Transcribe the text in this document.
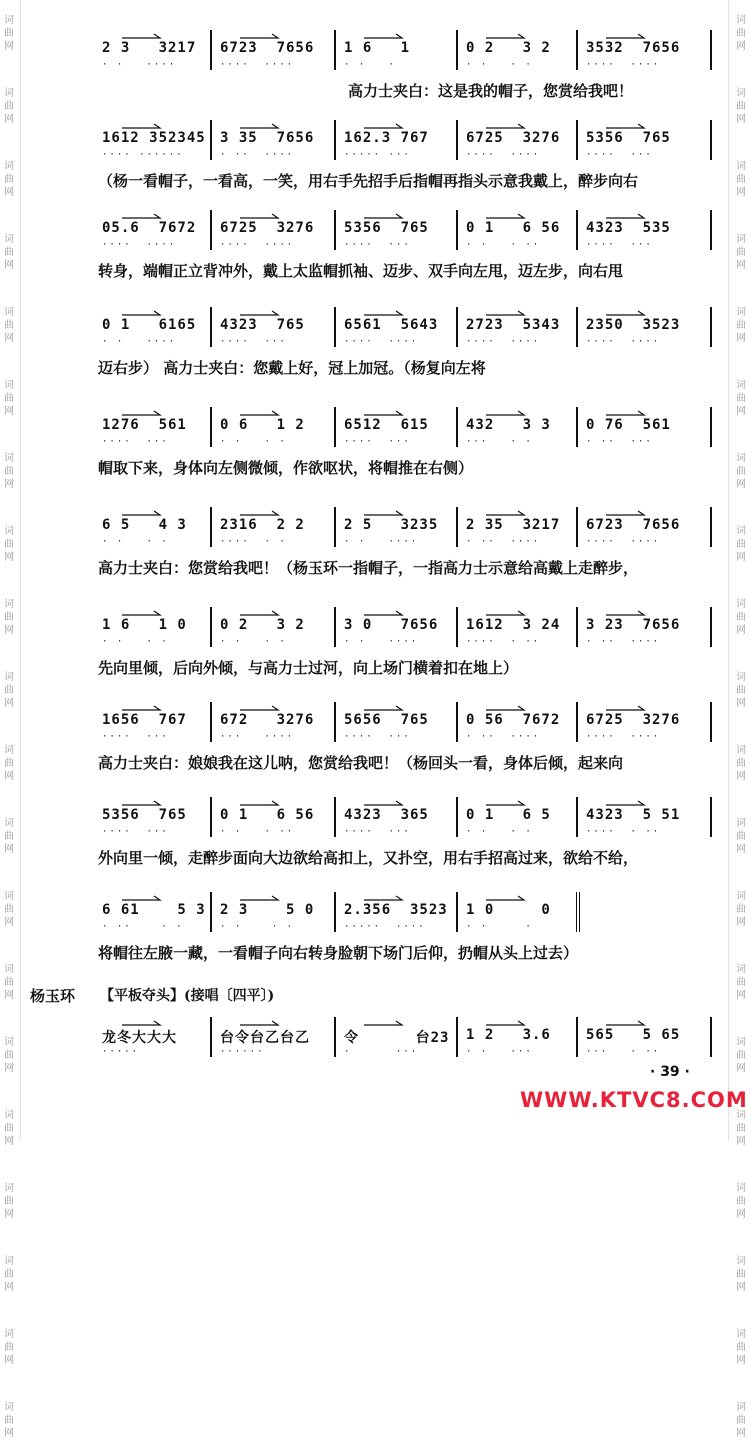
词
曲
网
词
曲
网
词
曲
网
词
曲
网
词
曲
网
词
曲
网
词
曲
网
词
曲
网
词
曲
网
词
曲
网
词
曲
网
词
曲
网
词
曲
网
词
曲
网
词
曲
网
词
曲
网
词
曲
网
词
曲
网
词
曲
网
词
曲
网
词
曲
网
词
曲
网
词
曲
网
词
曲
网
词
曲
网
词
曲
网
词
曲
网
词
曲
网
词
曲
网
词
曲
网
词
曲
网
词
曲
网
词
曲
网
词
曲
网
词
曲
网
词
曲
网
词
曲
网
词
曲
网
词
曲
网
词
曲
网
2 3   3217
· ·   ····
6723  7656
····  ····
1 6   1
· ·   ·
0 2   3 2
· ·   · ·
3532  7656
····  ····
高力士夹白：这是我的帽子，您赏给我吧！
1612 352345
···· ······
3 35  7656
· ··  ····
162.3 767
····· ···
6725  3276
····  ····
5356  765
····  ···
（杨一看帽子，一看高，一笑，用右手先招手后指帽再指头示意我戴上，醉步向右
05.6  7672
····  ····
6725  3276
····  ····
5356  765
····  ···
0 1   6 56
· ·   · ··
4323  535
····  ···
转身，端帽正立背冲外，戴上太监帽抓袖、迈步、双手向左甩，迈左步，向右甩
0 1   6165
· ·   ····
4323  765
····  ···
6561  5643
····  ····
2723  5343
····  ····
2350  3523
····  ····
迈右步） 高力士夹白：您戴上好，冠上加冠。（杨复向左将
1276  561
····  ···
0 6   1 2
· ·   · ·
6512  615
····  ···
432   3 3
···   · ·
0 76  561
· ··  ···
帽取下来，身体向左侧微倾，作欲呕状，将帽推在右侧）
6 5   4 3
· ·   · ·
2316  2 2
····  · ·
2 5   3235
· ·   ····
2 35  3217
· ··  ····
6723  7656
····  ····
高力士夹白：您赏给我吧！（杨玉环一指帽子，一指高力士示意给高戴上走醉步，
1 6   1 0
· ·   · ·
0 2   3 2
· ·   · ·
3 0   7656
· ·   ····
1612  3 24
····  · ··
3 23  7656
· ··  ····
先向里倾，后向外倾，与高力士过河，向上场门横着扣在地上）
1656  767
····  ···
672   3276
···   ····
5656  765
····  ···
0 56  7672
· ··  ····
6725  3276
····  ····
高力士夹白：娘娘我在这儿呐，您赏给我吧！（杨回头一看，身体后倾，起来向
5356  765
····  ···
0 1   6 56
· ·   · ··
4323  365
····  ···
0 1   6 5
· ·   · ·
4323  5 51
····  · ··
外向里一倾，走醉步面向大边欲给高扣上，又扑空，用右手招高过来，欲给不给，
6 61    5 3
· ··    · ·
2 3    5 0
· ·    · ·
2.356  3523
·····  ····
1 0     0
· ·     ·
将帽往左腋一藏，一看帽子向右转身脸朝下场门后仰，扔帽从头上过去）
杨玉环 【平板夺头】(接唱〔四平〕)
龙冬大大大
·····
台令台乙台乙
······
令      台23
·      ···
1 2   3.6
· ·   ···
565   5 65
···   · ··
· 39 ·
WWW.KTVC8.COM
